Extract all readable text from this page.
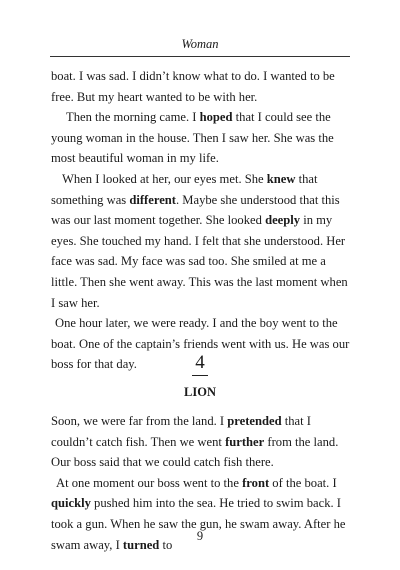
Woman

boat. I was sad. I didn’t know what to do. I wanted to be free. But my heart wanted to be with her.

Then the morning came. I hoped that I could see the young woman in the house. Then I saw her. She was the most beautiful woman in my life.

When I looked at her, our eyes met. She knew that something was different. Maybe she understood that this was our last moment together. She looked deeply in my eyes. She touched my hand. I felt that she understood. Her face was sad. My face was sad too. She smiled at me a little. Then she went away. This was the last moment when I saw her.

One hour later, we were ready. I and the boy went to the boat. One of the captain’s friends went with us. He was our boss for that day.	4
LION

Soon, we were far from the land. I pretended that I couldn’t catch fish. Then we went further from the land. Our boss said that we could catch fish there.

At one moment our boss went to the front of the boat. I quickly pushed him into the sea. He tried to swim back. I took a gun. When he saw the gun, he swam away. After he swam away, I turned to

9
